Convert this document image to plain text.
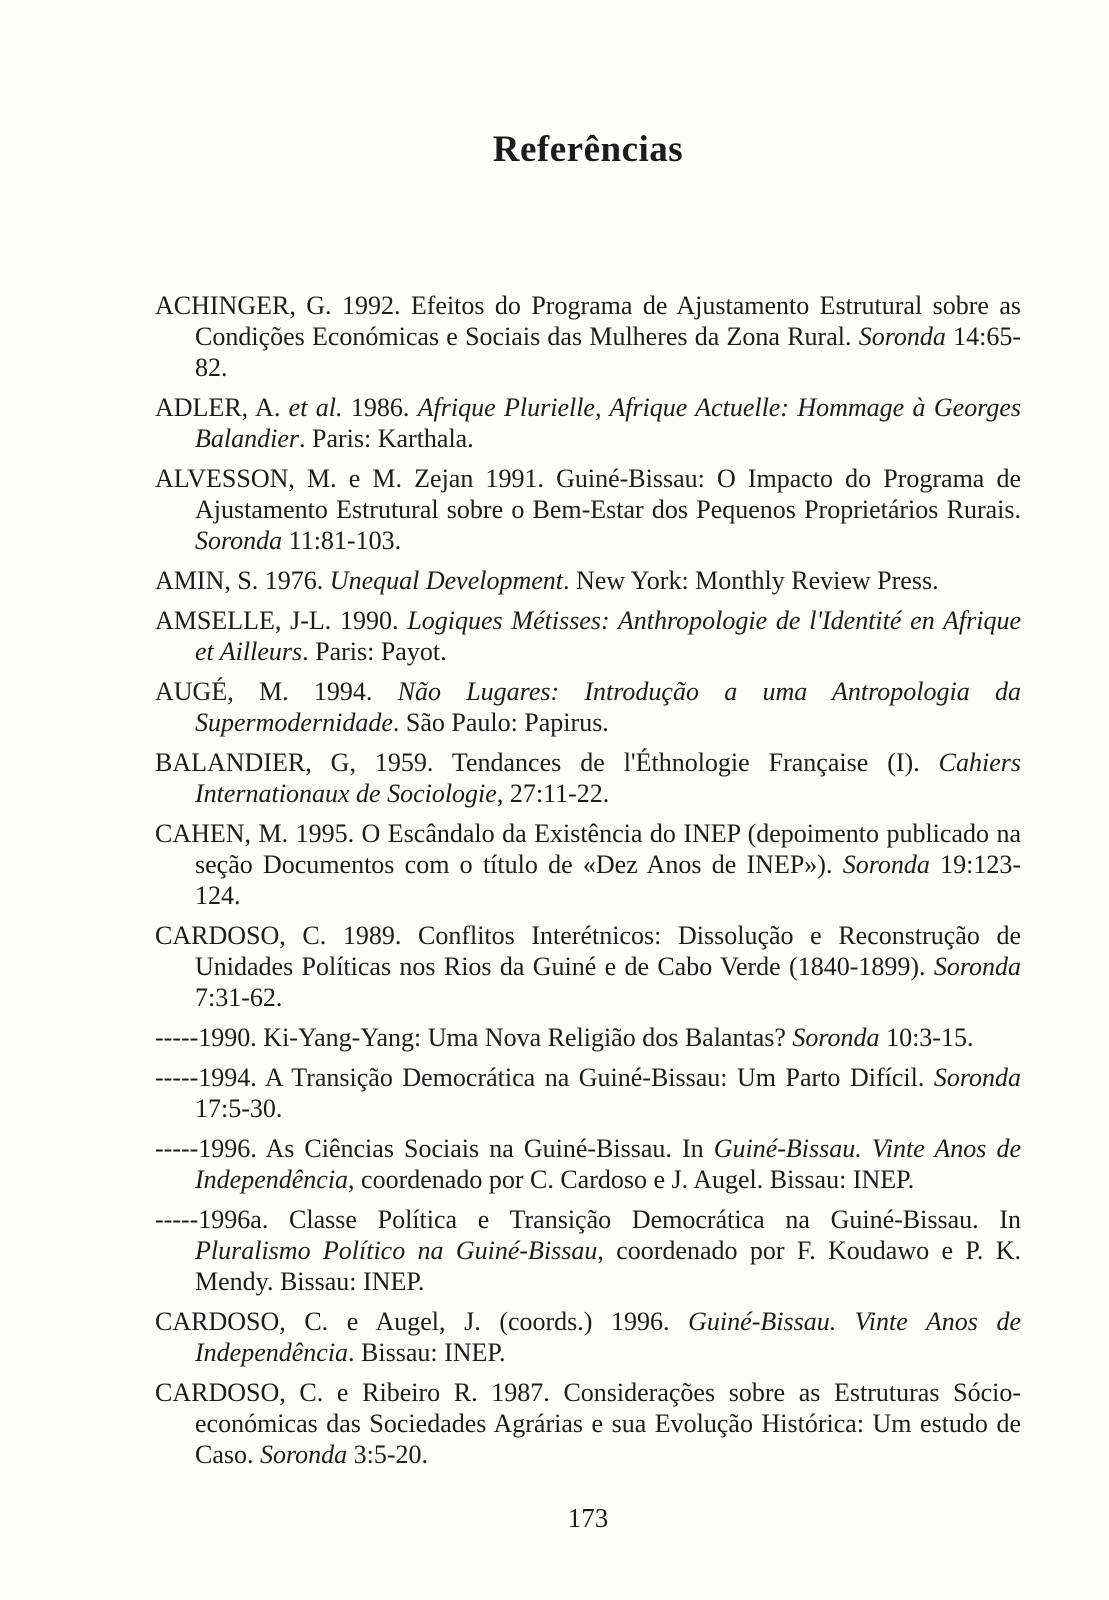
Referências

ACHINGER, G. 1992. Efeitos do Programa de Ajustamento Estrutural sobre as Condições Económicas e Sociais das Mulheres da Zona Rural. Soronda 14:65-82.

ADLER, A. et al. 1986. Afrique Plurielle, Afrique Actuelle: Hommage à Georges Balandier. Paris: Karthala.

ALVESSON, M. e M. Zejan 1991. Guiné-Bissau: O Impacto do Programa de Ajustamento Estrutural sobre o Bem-Estar dos Pequenos Proprietários Rurais. Soronda 11:81-103.

AMIN, S. 1976. Unequal Development. New York: Monthly Review Press.

AMSELLE, J-L. 1990. Logiques Métisses: Anthropologie de l'Identité en Afrique et Ailleurs. Paris: Payot.

AUGÉ, M. 1994. Não Lugares: Introdução a uma Antropologia da Supermodernidade. São Paulo: Papirus.

BALANDIER, G, 1959. Tendances de l'Éthnologie Française (I). Cahiers Internationaux de Sociologie, 27:11-22.

CAHEN, M. 1995. O Escândalo da Existência do INEP (depoimento publicado na seção Documentos com o título de «Dez Anos de INEP»). Soronda 19:123-124.

CARDOSO, C. 1989. Conflitos Interétnicos: Dissolução e Reconstrução de Unidades Políticas nos Rios da Guiné e de Cabo Verde (1840-1899). Soronda 7:31-62.

-----1990. Ki-Yang-Yang: Uma Nova Religião dos Balantas? Soronda 10:3-15.

-----1994. A Transição Democrática na Guiné-Bissau: Um Parto Difícil. Soronda 17:5-30.

-----1996. As Ciências Sociais na Guiné-Bissau. In Guiné-Bissau. Vinte Anos de Independência, coordenado por C. Cardoso e J. Augel. Bissau: INEP.

-----1996a. Classe Política e Transição Democrática na Guiné-Bissau. In Pluralismo Político na Guiné-Bissau, coordenado por F. Koudawo e P. K. Mendy. Bissau: INEP.

CARDOSO, C. e Augel, J. (coords.) 1996. Guiné-Bissau. Vinte Anos de Independência. Bissau: INEP.

CARDOSO, C. e Ribeiro R. 1987. Considerações sobre as Estruturas Sócio-económicas das Sociedades Agrárias e sua Evolução Histórica: Um estudo de Caso. Soronda 3:5-20.

173
